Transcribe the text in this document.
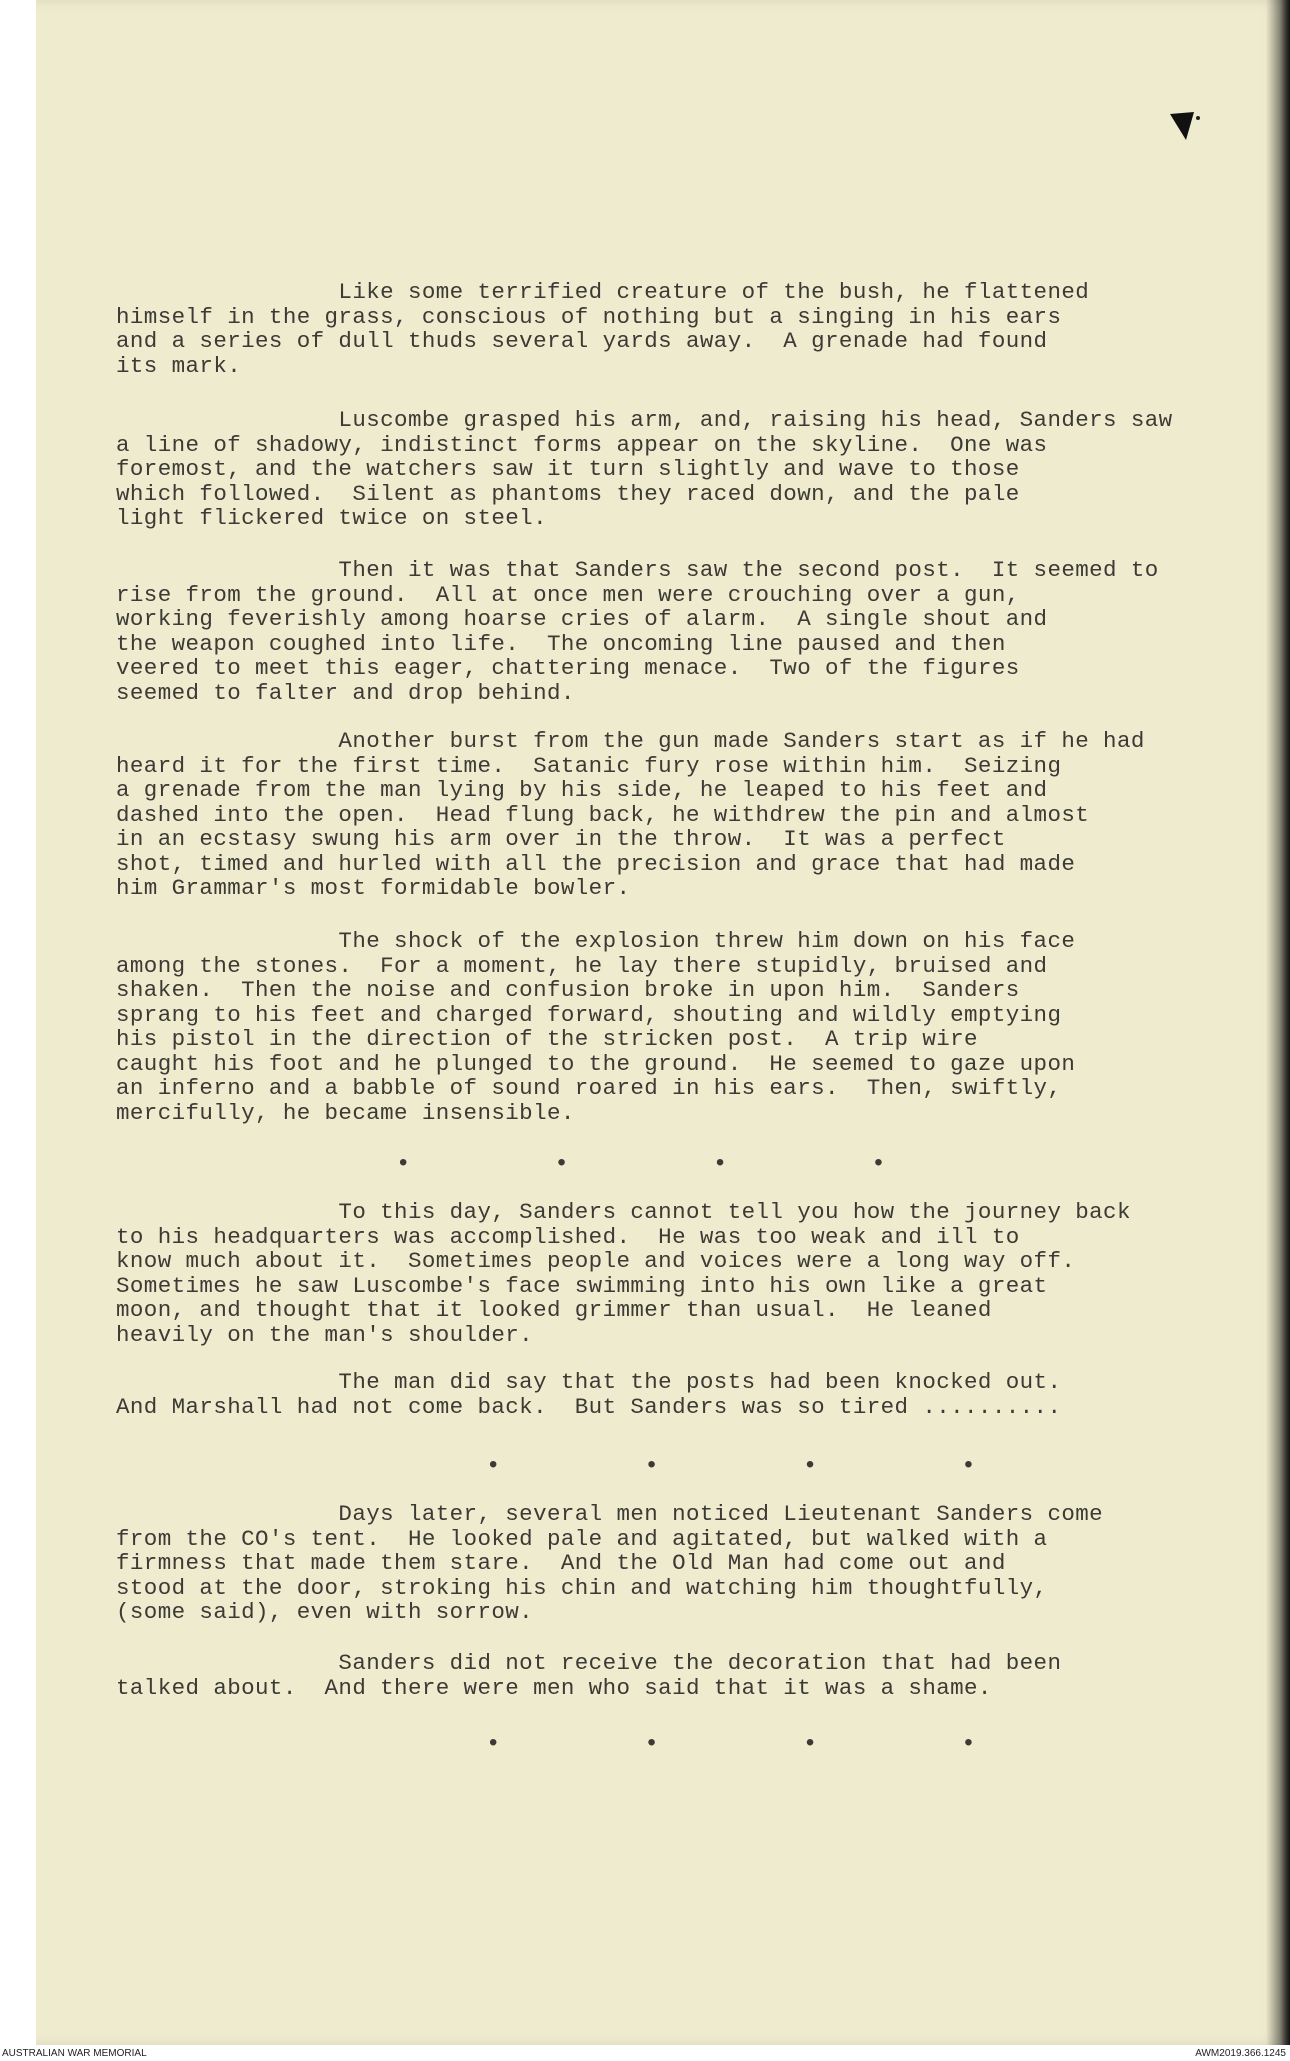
Like some terrified creature of the bush, he flattened
himself in the grass, conscious of nothing but a singing in his ears
and a series of dull thuds several yards away.  A grenade had found
its mark.
Luscombe grasped his arm, and, raising his head, Sanders saw
a line of shadowy, indistinct forms appear on the skyline.  One was
foremost, and the watchers saw it turn slightly and wave to those
which followed.  Silent as phantoms they raced down, and the pale
light flickered twice on steel.
Then it was that Sanders saw the second post.  It seemed to
rise from the ground.  All at once men were crouching over a gun,
working feverishly among hoarse cries of alarm.  A single shout and
the weapon coughed into life.  The oncoming line paused and then
veered to meet this eager, chattering menace.  Two of the figures
seemed to falter and drop behind.
Another burst from the gun made Sanders start as if he had
heard it for the first time.  Satanic fury rose within him.  Seizing
a grenade from the man lying by his side, he leaped to his feet and
dashed into the open.  Head flung back, he withdrew the pin and almost
in an ecstasy swung his arm over in the throw.  It was a perfect
shot, timed and hurled with all the precision and grace that had made
him Grammar's most formidable bowler.
The shock of the explosion threw him down on his face
among the stones.  For a moment, he lay there stupidly, bruised and
shaken.  Then the noise and confusion broke in upon him.  Sanders
sprang to his feet and charged forward, shouting and wildly emptying
his pistol in the direction of the stricken post.  A trip wire
caught his foot and he plunged to the ground.  He seemed to gaze upon
an inferno and a babble of sound roared in his ears.  Then, swiftly,
mercifully, he became insensible.
•          •          •          •
To this day, Sanders cannot tell you how the journey back
to his headquarters was accomplished.  He was too weak and ill to
know much about it.  Sometimes people and voices were a long way off.
Sometimes he saw Luscombe's face swimming into his own like a great
moon, and thought that it looked grimmer than usual.  He leaned
heavily on the man's shoulder.
The man did say that the posts had been knocked out.
And Marshall had not come back.  But Sanders was so tired ..........
•          •          •          •
Days later, several men noticed Lieutenant Sanders come
from the CO's tent.  He looked pale and agitated, but walked with a
firmness that made them stare.  And the Old Man had come out and
stood at the door, stroking his chin and watching him thoughtfully,
(some said), even with sorrow.
Sanders did not receive the decoration that had been
talked about.  And there were men who said that it was a shame.
•          •          •          •
AUSTRALIAN WAR MEMORIAL	AWM2019.366.1245
